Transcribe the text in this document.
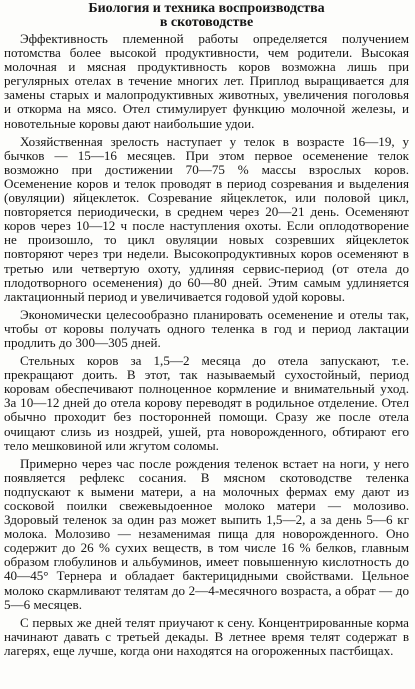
Биология и техника воспроизводства
в скотоводстве

Эффективность племенной работы определяется получением потомства более высокой продуктивности, чем родители. Высокая молочная и мясная продуктивность коров возможна лишь при регулярных отелах в течение многих лет. Приплод выращивается для замены старых и малопродуктивных животных, увеличения поголовья и откорма на мясо. Отел стимулирует функцию молочной железы, и новотельные коровы дают наибольшие удои.

Хозяйственная зрелость наступает у телок в возрасте 16—19, у бычков — 15—16 месяцев. При этом первое осеменение телок возможно при достижении 70—75 % массы взрослых коров. Осеменение коров и телок проводят в период созревания и выделения (овуляции) яйцеклеток. Созревание яйцеклеток, или половой цикл, повторяется периодически, в среднем через 20—21 день. Осеменяют коров через 10—12 ч после наступления охоты. Если оплодотворение не произошло, то цикл овуляции новых созревших яйцеклеток повторяют через три недели. Высокопродуктивных коров осеменяют в третью или четвертую охоту, удлиняя сервис-период (от отела до плодотворного осеменения) до 60—80 дней. Этим самым удлиняется лактационный период и увеличивается годовой удой коровы.

Экономически целесообразно планировать осеменение и отелы так, чтобы от коровы получать одного теленка в год и период лактации продлить до 300—305 дней.

Стельных коров за 1,5—2 месяца до отела запускают, т.е. прекращают доить. В этот, так называемый сухостойный, период коровам обеспечивают полноценное кормление и внимательный уход. За 10—12 дней до отела корову переводят в родильное отделение. Отел обычно проходит без посторонней помощи. Сразу же после отела очищают слизь из ноздрей, ушей, рта новорожденного, обтирают его тело мешковиной или жгутом соломы.

Примерно через час после рождения теленок встает на ноги, у него появляется рефлекс сосания. В мясном скотоводстве теленка подпускают к вымени матери, а на молочных фермах ему дают из сосковой поилки свежевыдоенное молоко матери — молозиво. Здоровый теленок за один раз может выпить 1,5—2, а за день 5—6 кг молока. Молозиво — незаменимая пища для новорожденного. Оно содержит до 26 % сухих веществ, в том числе 16 % белков, главным образом глобулинов и альбуминов, имеет повышенную кислотность до 40—45° Тернера и обладает бактерицидными свойствами. Цельное молоко скармливают телятам до 2—4-месячного возраста, а обрат — до 5—6 месяцев.

С первых же дней телят приучают к сену. Концентрированные корма начинают давать с третьей декады. В летнее время телят содержат в лагерях, еще лучше, когда они находятся на огороженных пастбищах.
